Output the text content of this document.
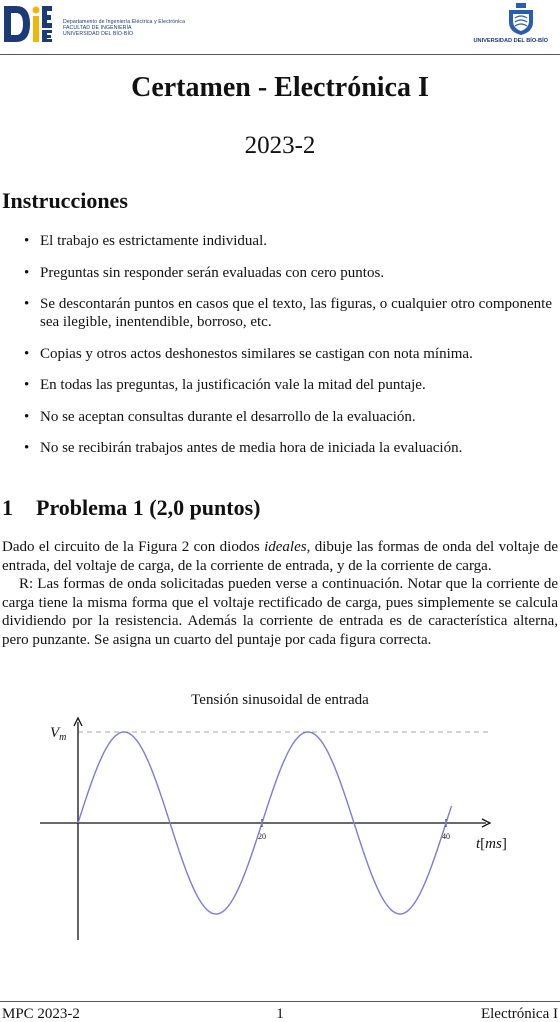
Departamento de Ingeniería Eléctrica y Electrónica
FACULTAD DE INGENIERÍA
UNIVERSIDAD DEL BÍO-BÍO
UNIVERSIDAD DEL BÍO-BÍO
Certamen - Electrónica I
2023-2
Instrucciones
• El trabajo es estrictamente individual.
• Preguntas sin responder serán evaluadas con cero puntos.
• Se descontarán puntos en casos que el texto, las figuras, o cualquier otro componente sea ilegible, inentendible, borroso, etc.
• Copias y otros actos deshonestos similares se castigan con nota mínima.
• En todas las preguntas, la justificación vale la mitad del puntaje.
• No se aceptan consultas durante el desarrollo de la evaluación.
• No se recibirán trabajos antes de media hora de iniciada la evaluación.
1 Problema 1 (2,0 puntos)

Dado el circuito de la Figura 2 con diodos ideales, dibuje las formas de onda del voltaje de entrada, del voltaje de carga, de la corriente de entrada, y de la corriente de carga.

R: Las formas de onda solicitadas pueden verse a continuación. Notar que la corriente de carga tiene la misma forma que el voltaje rectificado de carga, pues simplemente se calcula dividiendo por la resistencia. Además la corriente de entrada es de característica alterna, pero punzante. Se asigna un cuarto del puntaje por cada figura correcta.

Tensión sinusoidal de entrada
$V_m$
20	40 t[ms]
MPC 2023-2	1	Electrónica I
